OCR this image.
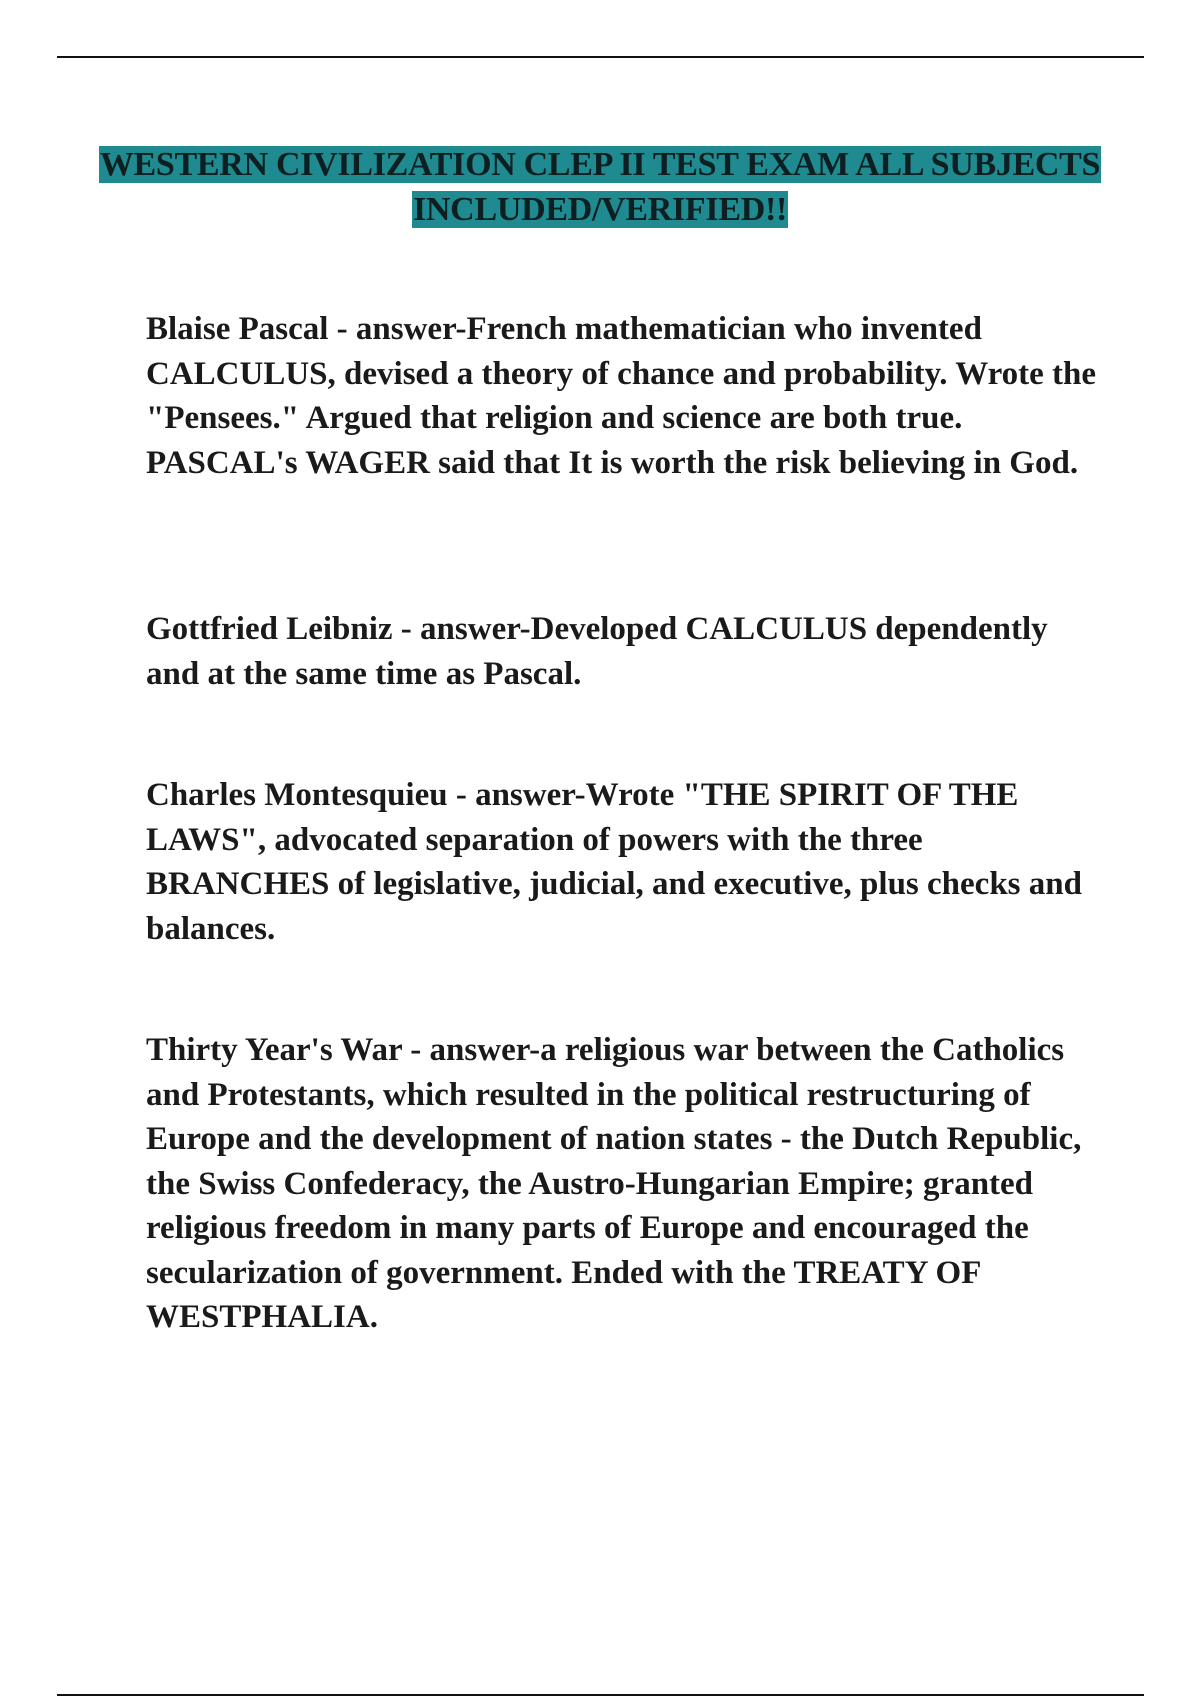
WESTERN CIVILIZATION CLEP II TEST EXAM ALL SUBJECTS INCLUDED/VERIFIED!!

Blaise Pascal - answer-French mathematician who invented CALCULUS, devised a theory of chance and probability. Wrote the "Pensees." Argued that religion and science are both true. PASCAL's WAGER said that It is worth the risk believing in God.

Gottfried Leibniz - answer-Developed CALCULUS dependently and at the same time as Pascal.

Charles Montesquieu - answer-Wrote "THE SPIRIT OF THE LAWS", advocated separation of powers with the three BRANCHES of legislative, judicial, and executive, plus checks and balances.

Thirty Year's War - answer-a religious war between the Catholics and Protestants, which resulted in the political restructuring of Europe and the development of nation states - the Dutch Republic, the Swiss Confederacy, the Austro-Hungarian Empire; granted religious freedom in many parts of Europe and encouraged the secularization of government. Ended with the TREATY OF WESTPHALIA.
